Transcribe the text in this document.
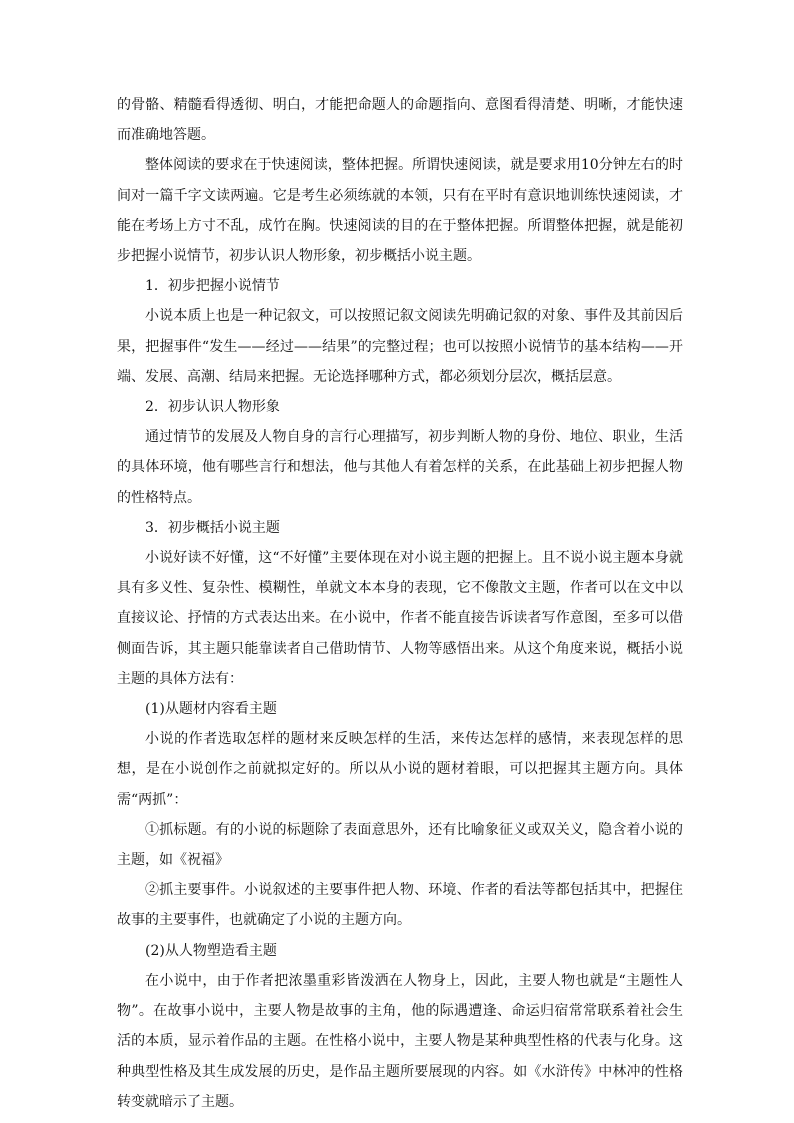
的骨骼、精髓看得透彻、明白，才能把命题人的命题指向、意图看得清楚、明晰，才能快速而准确地答题。

整体阅读的要求在于快速阅读，整体把握。所谓快速阅读，就是要求用10分钟左右的时间对一篇千字文读两遍。它是考生必须练就的本领，只有在平时有意识地训练快速阅读，才能在考场上方寸不乱，成竹在胸。快速阅读的目的在于整体把握。所谓整体把握，就是能初步把握小说情节，初步认识人物形象，初步概括小说主题。

1．初步把握小说情节

小说本质上也是一种记叙文，可以按照记叙文阅读先明确记叙的对象、事件及其前因后果，把握事件“发生——经过——结果”的完整过程；也可以按照小说情节的基本结构——开端、发展、高潮、结局来把握。无论选择哪种方式，都必须划分层次，概括层意。

2．初步认识人物形象

通过情节的发展及人物自身的言行心理描写，初步判断人物的身份、地位、职业，生活的具体环境，他有哪些言行和想法，他与其他人有着怎样的关系，在此基础上初步把握人物的性格特点。

3．初步概括小说主题

小说好读不好懂，这“不好懂”主要体现在对小说主题的把握上。且不说小说主题本身就具有多义性、复杂性、模糊性，单就文本本身的表现，它不像散文主题，作者可以在文中以直接议论、抒情的方式表达出来。在小说中，作者不能直接告诉读者写作意图，至多可以借侧面告诉，其主题只能靠读者自己借助情节、人物等感悟出来。从这个角度来说，概括小说主题的具体方法有：

(1)从题材内容看主题

小说的作者选取怎样的题材来反映怎样的生活，来传达怎样的感情，来表现怎样的思想，是在小说创作之前就拟定好的。所以从小说的题材着眼，可以把握其主题方向。具体需“两抓”：

①抓标题。有的小说的标题除了表面意思外，还有比喻象征义或双关义，隐含着小说的主题，如《祝福》

②抓主要事件。小说叙述的主要事件把人物、环境、作者的看法等都包括其中，把握住故事的主要事件，也就确定了小说的主题方向。

(2)从人物塑造看主题

在小说中，由于作者把浓墨重彩皆泼洒在人物身上，因此，主要人物也就是“主题性人物”。在故事小说中，主要人物是故事的主角，他的际遇遭逢、命运归宿常常联系着社会生活的本质，显示着作品的主题。在性格小说中，主要人物是某种典型性格的代表与化身。这种典型性格及其生成发展的历史，是作品主题所要展现的内容。如《水浒传》中林冲的性格转变就暗示了主题。
